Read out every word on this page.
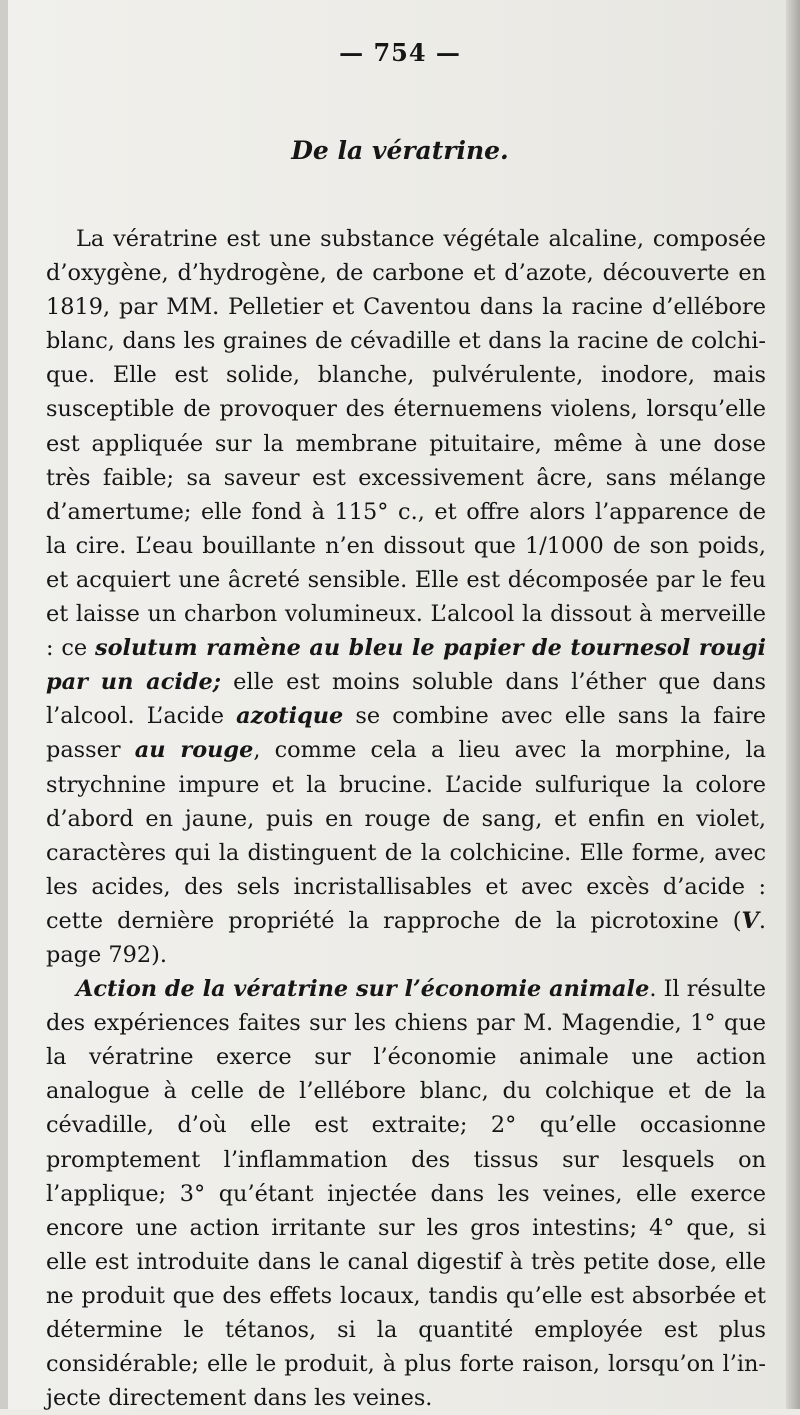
— 754 —
De la vératrine.

La vératrine est une substance végétale alcaline, composée d’oxygène, d’hydrogène, de carbone et d’azote, découverte en 1819, par MM. Pelletier et Caventou dans la racine d’ellébore blanc, dans les graines de cévadille et dans la racine de colchique. Elle est solide, blanche, pulvérulente, inodore, mais susceptible de provoquer des éternuemens violens, lorsqu’elle est appliquée sur la membrane pituitaire, même à une dose très faible; sa saveur est excessivement âcre, sans mélange d’amertume; elle fond à 115° c., et offre alors l’apparence de la cire. L’eau bouillante n’en dissout que 1/1000 de son poids, et acquiert une âcreté sensible. Elle est décomposée par le feu et laisse un charbon volumineux. L’alcool la dissout à merveille : ce solutum ramène au bleu le papier de tournesol rougi par un acide; elle est moins soluble dans l’éther que dans l’alcool. L’acide azotique se combine avec elle sans la faire passer au rouge, comme cela a lieu avec la morphine, la strychnine impure et la brucine. L’acide sulfurique la colore d’abord en jaune, puis en rouge de sang, et enfin en violet, caractères qui la distinguent de la colchicine. Elle forme, avec les acides, des sels incristallisables et avec excès d’acide : cette dernière propriété la rapproche de la picrotoxine (V. page 792).

Action de la vératrine sur l’économie animale. Il résulte des expériences faites sur les chiens par M. Magendie, 1° que la vératrine exerce sur l’économie animale une action analogue à celle de l’ellébore blanc, du colchique et de la cévadille, d’où elle est extraite; 2° qu’elle occasionne promptement l’inflammation des tissus sur lesquels on l’applique; 3° qu’étant injectée dans les veines, elle exerce encore une action irritante sur les gros intestins; 4° que, si elle est introduite dans le canal digestif à très petite dose, elle ne produit que des effets locaux, tandis qu’elle est absorbée et détermine le tétanos, si la quantité employée est plus considérable; elle le produit, à plus forte raison, lorsqu’on l’injecte directement dans les veines.
